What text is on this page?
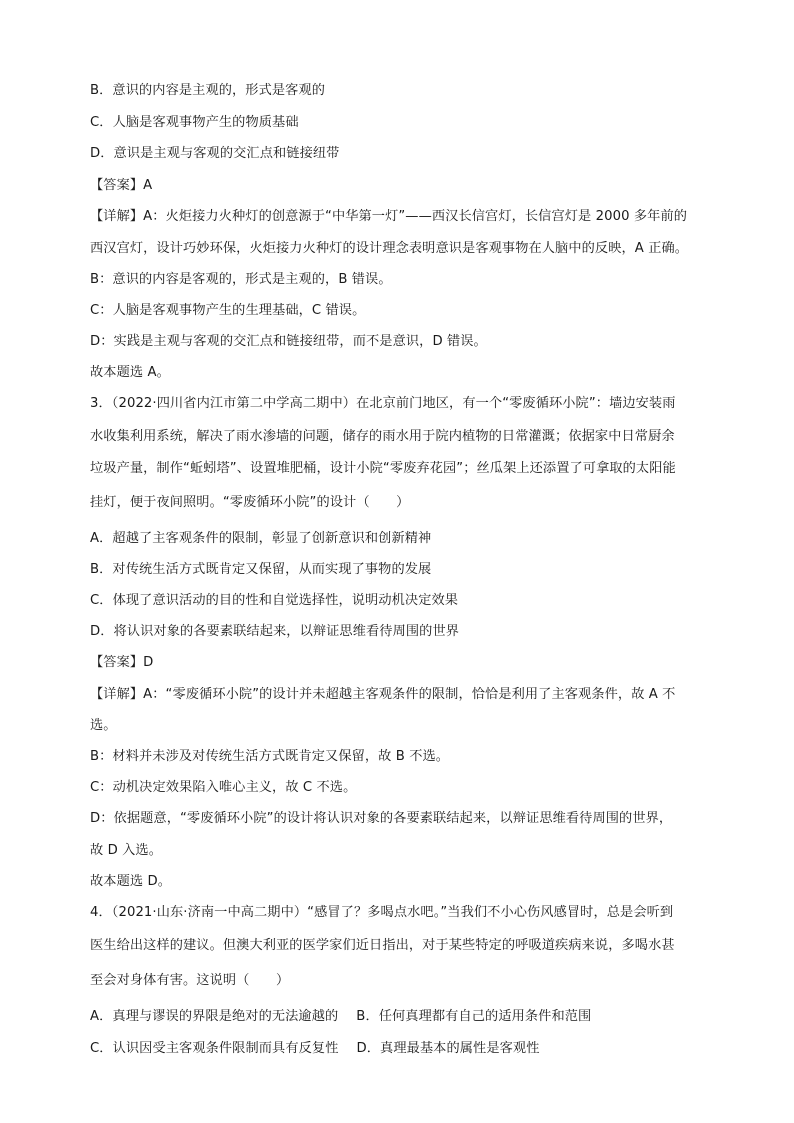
B．意识的内容是主观的，形式是客观的
C．人脑是客观事物产生的物质基础
D．意识是主观与客观的交汇点和链接纽带
【答案】A
【详解】A：火炬接力火种灯的创意源于“中华第一灯”——西汉长信宫灯，长信宫灯是 2000 多年前的
西汉宫灯，设计巧妙环保，火炬接力火种灯的设计理念表明意识是客观事物在人脑中的反映，A 正确。
B：意识的内容是客观的，形式是主观的，B 错误。
C：人脑是客观事物产生的生理基础，C 错误。
D：实践是主观与客观的交汇点和链接纽带，而不是意识，D 错误。
故本题选 A。
3．（2022·四川省内江市第二中学高二期中）在北京前门地区，有一个“零废循环小院”：墙边安装雨
水收集利用系统，解决了雨水渗墙的问题，储存的雨水用于院内植物的日常灌溉；依据家中日常厨余
垃圾产量，制作“蚯蚓塔”、设置堆肥桶，设计小院“零废弃花园”；丝瓜架上还添置了可拿取的太阳能
挂灯，便于夜间照明。“零废循环小院”的设计（　　）
A．超越了主客观条件的限制，彰显了创新意识和创新精神
B．对传统生活方式既肯定又保留，从而实现了事物的发展
C．体现了意识活动的目的性和自觉选择性，说明动机决定效果
D．将认识对象的各要素联结起来，以辩证思维看待周围的世界
【答案】D
【详解】A：“零废循环小院”的设计并未超越主客观条件的限制，恰恰是利用了主客观条件，故 A 不
选。
B：材料并未涉及对传统生活方式既肯定又保留，故 B 不选。
C：动机决定效果陷入唯心主义，故 C 不选。
D：依据题意，“零废循环小院”的设计将认识对象的各要素联结起来，以辩证思维看待周围的世界，
故 D 入选。
故本题选 D。
4．（2021·山东·济南一中高二期中）“感冒了？多喝点水吧。”当我们不小心伤风感冒时，总是会听到
医生给出这样的建议。但澳大利亚的医学家们近日指出，对于某些特定的呼吸道疾病来说，多喝水甚
至会对身体有害。这说明（　　）
A．真理与谬误的界限是绝对的无法逾越的 B．任何真理都有自己的适用条件和范围
C．认识因受主客观条件限制而具有反复性 D．真理最基本的属性是客观性
